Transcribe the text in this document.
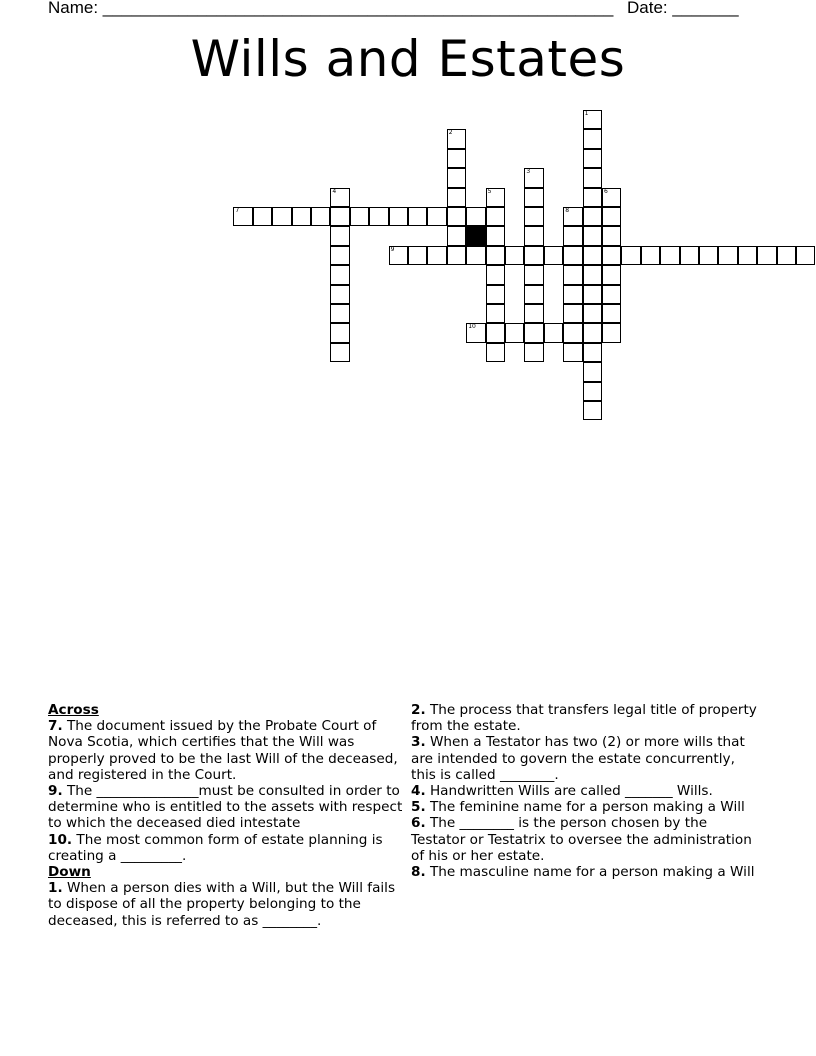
Name: ______________________________________________________ Date: _______
Wills and Estates
1
2
3
4	5	6
8
7
9
10
Across
7. The document issued by the Probate Court of Nova Scotia, which certifies that the Will was properly proved to be the last Will of the deceased, and registered in the Court.
9. The _______________must be consulted in order to determine who is entitled to the assets with respect to which the deceased died intestate
10. The most common form of estate planning is creating a _________.
Down
1. When a person dies with a Will, but the Will fails to dispose of all the property belonging to the deceased, this is referred to as ________.
2. The process that transfers legal title of property from the estate.
3. When a Testator has two (2) or more wills that are intended to govern the estate concurrently, this is called ________.
4. Handwritten Wills are called _______ Wills.
5. The feminine name for a person making a Will
6. The ________ is the person chosen by the Testator or Testatrix to oversee the administration of his or her estate.
8. The masculine name for a person making a Will
